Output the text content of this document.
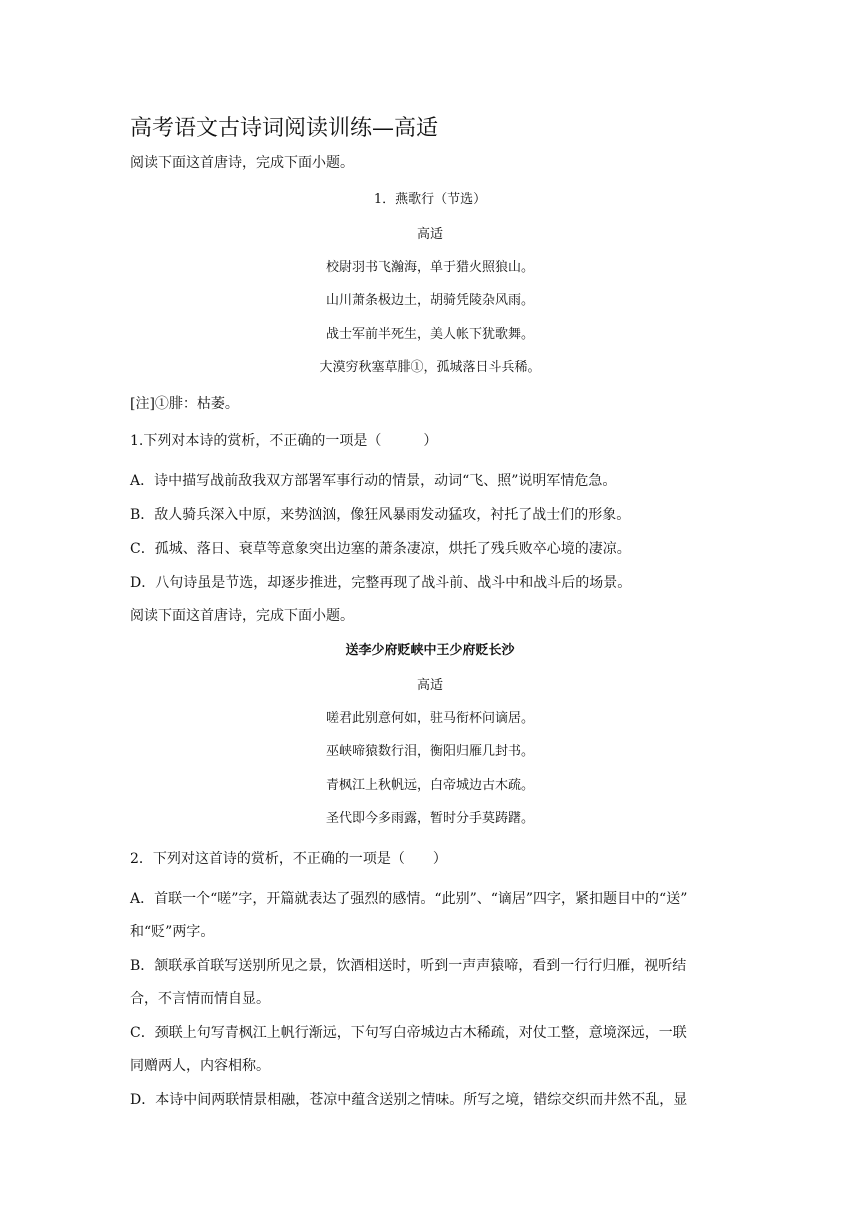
高考语文古诗词阅读训练—高适
阅读下面这首唐诗，完成下面小题。
1．燕歌行（节选）
高适
校尉羽书飞瀚海，单于猎火照狼山。
山川萧条极边土，胡骑凭陵杂风雨。
战士军前半死生，美人帐下犹歌舞。
大漠穷秋塞草腓①，孤城落日斗兵稀。
[注]①腓：枯萎。
1.下列对本诗的赏析，不正确的一项是（　　　）
A．诗中描写战前敌我双方部署军事行动的情景，动词“飞、照”说明军情危急。
B．敌人骑兵深入中原，来势汹汹，像狂风暴雨发动猛攻，衬托了战士们的形象。
C．孤城、落日、衰草等意象突出边塞的萧条凄凉，烘托了残兵败卒心境的凄凉。
D．八句诗虽是节选，却逐步推进，完整再现了战斗前、战斗中和战斗后的场景。
阅读下面这首唐诗，完成下面小题。
送李少府贬峡中王少府贬长沙
高适
嗟君此别意何如，驻马衔杯问谪居。
巫峡啼猿数行泪，衡阳归雁几封书。
青枫江上秋帆远，白帝城边古木疏。
圣代即今多雨露，暂时分手莫踌躇。
2．下列对这首诗的赏析，不正确的一项是（　　）
A．首联一个“嗟”字，开篇就表达了强烈的感情。“此别”、“谪居”四字，紧扣题目中的“送”
和“贬”两字。
B．颔联承首联写送别所见之景，饮酒相送时，听到一声声猿啼，看到一行行归雁，视听结
合，不言情而情自显。
C．颈联上句写青枫江上帆行渐远，下句写白帝城边古木稀疏，对仗工整，意境深远，一联
同赠两人，内容相称。
D．本诗中间两联情景相融，苍凉中蕴含送别之情味。所写之境，错综交织而井然不乱，显
